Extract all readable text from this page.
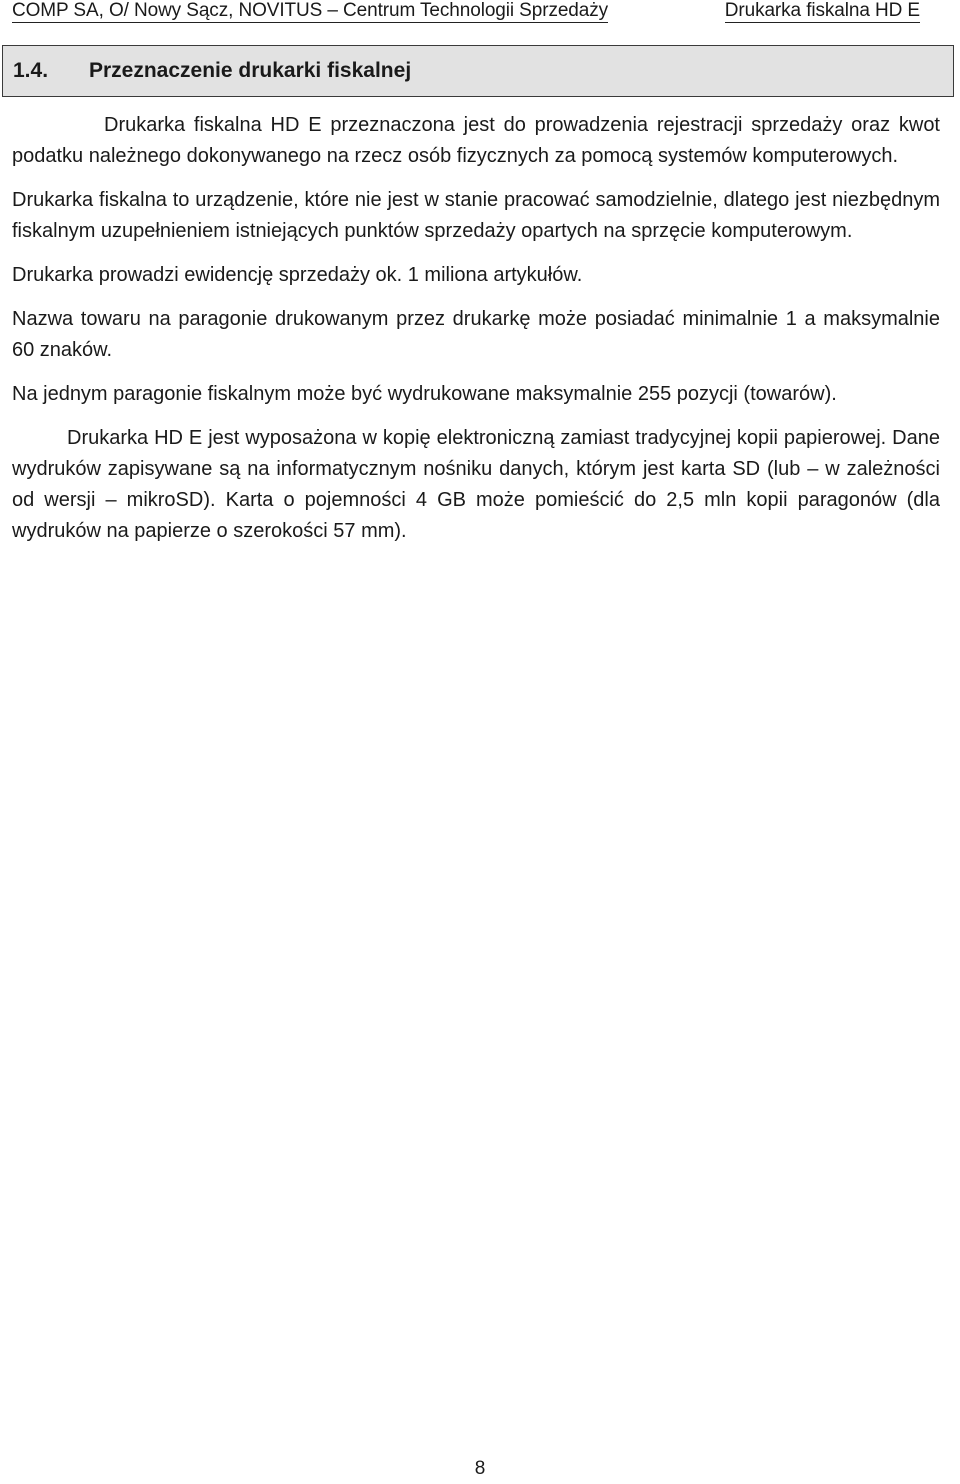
COMP SA, O/ Nowy Sącz, NOVITUS – Centrum Technologii Sprzedaży	Drukarka fiskalna HD E
1.4.	Przeznaczenie drukarki fiskalnej

Drukarka fiskalna HD E przeznaczona jest do prowadzenia rejestracji sprzedaży oraz kwot podatku należnego dokonywanego na rzecz osób fizycznych za pomocą systemów komputerowych.

Drukarka fiskalna to urządzenie, które nie jest w stanie pracować samodzielnie, dlatego jest niezbędnym fiskalnym uzupełnieniem istniejących punktów sprzedaży opartych na sprzęcie komputerowym.

Drukarka prowadzi ewidencję sprzedaży ok. 1 miliona artykułów.

Nazwa towaru na paragonie drukowanym przez drukarkę może posiadać minimalnie 1 a maksymalnie 60 znaków.

Na jednym paragonie fiskalnym może być wydrukowane maksymalnie 255 pozycji (towarów).

Drukarka HD E jest wyposażona w kopię elektroniczną zamiast tradycyjnej kopii papierowej. Dane wydruków zapisywane są na informatycznym nośniku danych, którym jest karta SD (lub – w zależności od wersji – mikroSD). Karta o pojemności 4 GB może pomieścić do 2,5 mln kopii paragonów (dla wydruków na papierze o szerokości 57 mm).

8
